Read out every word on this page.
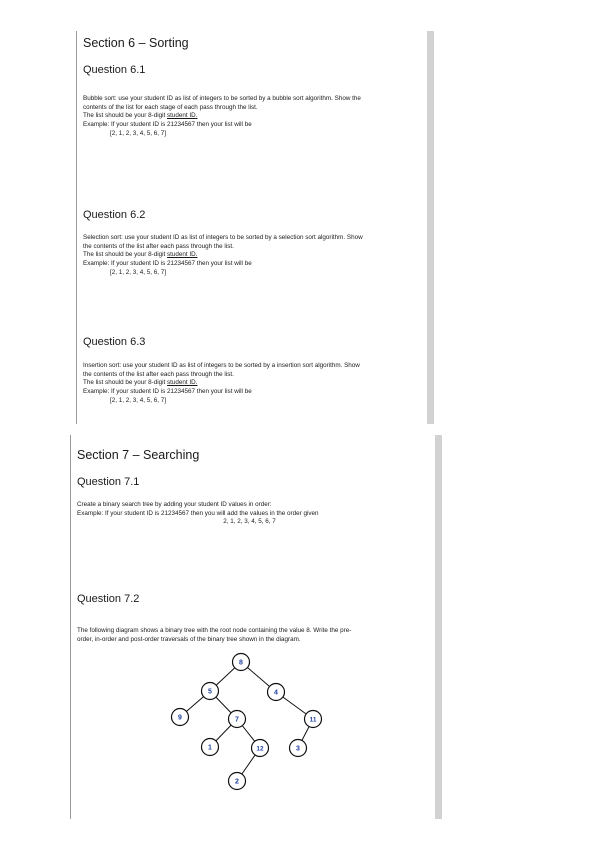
Section 6 – Sorting
Question 6.1
Bubble sort: use your student ID as list of integers to be sorted by a bubble sort algorithm. Show the
contents of the list for each stage of each pass through the list.
The list should be your 8-digit student ID.
Example: If your student ID is 21234567 then your list will be
[2, 1, 2, 3, 4, 5, 6, 7]
Question 6.2
Selection sort: use your student ID as list of integers to be sorted by a selection sort algorithm. Show
the contents of the list after each pass through the list.
The list should be your 8-digit student ID.
Example: If your student ID is 21234567 then your list will be
[2, 1, 2, 3, 4, 5, 6, 7]
Question 6.3
Insertion sort: use your student ID as list of integers to be sorted by a insertion sort algorithm. Show
the contents of the list after each pass through the list.
The list should be your 8-digit student ID.
Example: If your student ID is 21234567 then your list will be
[2, 1, 2, 3, 4, 5, 6, 7]
Section 7 – Searching
Question 7.1
Create a binary search tree by adding your student ID values in order:
Example: If your student ID is 21234567 then you will add the values in the order given
2, 1, 2, 3, 4, 5, 6, 7
Question 7.2
The following diagram shows a binary tree with the root node containing the value 8. Write the pre-
order, in-order and post-order traversals of the binary tree shown in the diagram.
8
5	4
9	7	11
1	12	3
2
